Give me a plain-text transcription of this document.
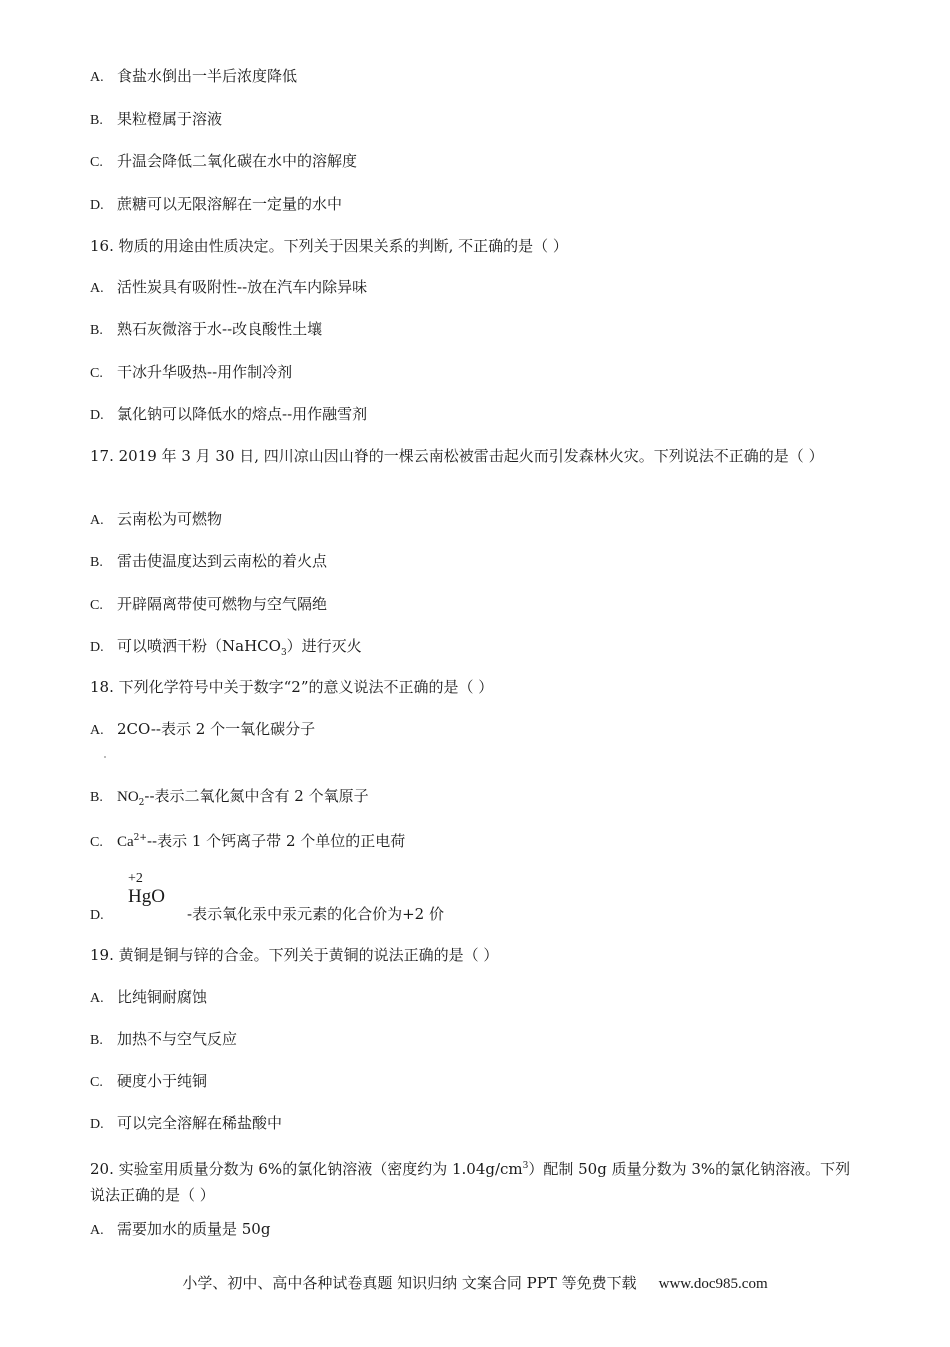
A. 食盐水倒出一半后浓度降低
B. 果粒橙属于溶液
C. 升温会降低二氧化碳在水中的溶解度
D. 蔗糖可以无限溶解在一定量的水中
16. 物质的用途由性质决定。下列关于因果关系的判断, 不正确的是（ ）
A. 活性炭具有吸附性--放在汽车内除异味
B. 熟石灰微溶于水--改良酸性土壤
C. 干冰升华吸热--用作制冷剂
D. 氯化钠可以降低水的熔点--用作融雪剂
17. 2019 年 3 月 30 日, 四川凉山因山脊的一棵云南松被雷击起火而引发森林火灾。下列说法不正确的是（ ）
A. 云南松为可燃物
B. 雷击使温度达到云南松的着火点
C. 开辟隔离带使可燃物与空气隔绝
D. 可以喷洒干粉（NaHCO$_3$）进行灭火
18. 下列化学符号中关于数字“2”的意义说法不正确的是（ ）
A. 2CO--表示 2 个一氧化碳分子
B. $NO_2--$表示二氧化氮中含有 2 个氧原子
C. $Ca^{2+}--$表示 1 个钙离子带 2 个单位的正电荷
+2
HgO
D.	-表示氧化汞中汞元素的化合价为+2 价
19. 黄铜是铜与锌的合金。下列关于黄铜的说法正确的是（ ）
A. 比纯铜耐腐蚀
B. 加热不与空气反应
C. 硬度小于纯铜
D. 可以完全溶解在稀盐酸中
20. 实验室用质量分数为 6%的氯化钠溶液（密度约为 $1.04g/cm^3$）配制 50g 质量分数为 3%的氯化钠溶液。下列说法正确的是（ ）
A. 需要加水的质量是 50g
小学、初中、高中各种试卷真题 知识归纳 文案合同 PPT 等免费下载 www.doc985.com
